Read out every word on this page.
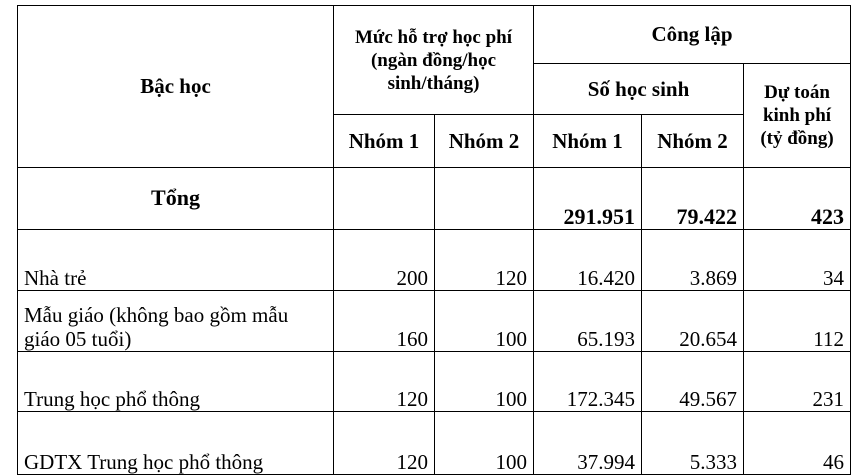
Bậc học	Mức hỗ trợ học phí (ngàn đồng/học sinh/tháng)		Công lập		
			Số học sinh		Dự toán kinh phí (tỷ đồng)
	Nhóm 1	Nhóm 2	Nhóm 1	Nhóm 2	
Tổng			291.951	79.422	423
Nhà trẻ	200	120	16.420	3.869	34
Mẫu giáo (không bao gồm mẫu giáo 05 tuổi)	160	100	65.193	20.654	112
Trung học phổ thông	120	100	172.345	49.567	231
GDTX Trung học phổ thông	120	100	37.994	5.333	46
